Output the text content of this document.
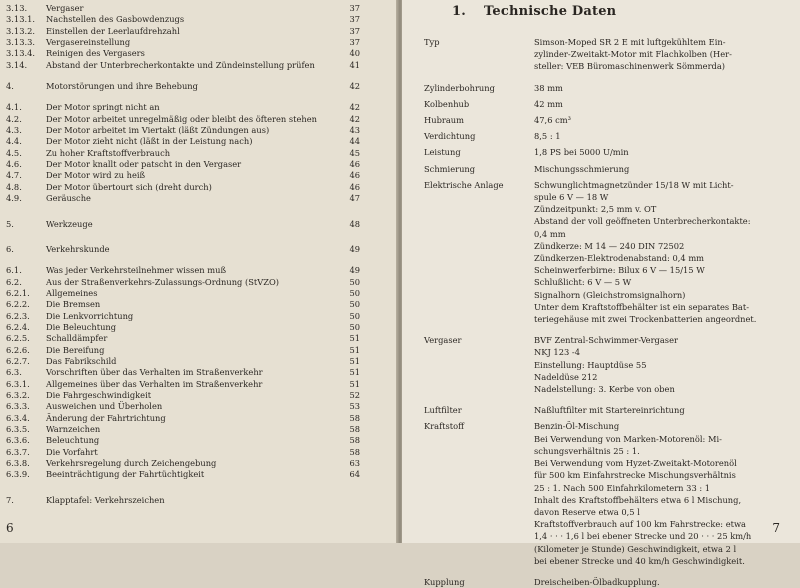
3.13.	Vergaser	37
3.13.1.	Nachstellen des Gasbowdenzugs	37
3.13.2.	Einstellen der Leerlaufdrehzahl	37
3.13.3.	Vergasereinstellung	37
3.13.4.	Reinigen des Vergasers	40
3.14.	Abstand der Unterbrecherkontakte und Zündeinstellung prüfen	41
4.	Motorstörungen und ihre Behebung	42
4.1.	Der Motor springt nicht an	42
4.2.	Der Motor arbeitet unregelmäßig oder bleibt des öfteren stehen	42
4.3.	Der Motor arbeitet im Viertakt (läßt Zündungen aus)	43
4.4.	Der Motor zieht nicht (läßt in der Leistung nach)	44
4.5.	Zu hoher Kraftstoffverbrauch	45
4.6.	Der Motor knallt oder patscht in den Vergaser	46
4.7.	Der Motor wird zu heiß	46
4.8.	Der Motor übertourt sich (dreht durch)	46
4.9.	Geräusche	47
5.	Werkzeuge	48
6.	Verkehrskunde	49
6.1.	Was jeder Verkehrsteilnehmer wissen muß	49
6.2.	Aus der Straßenverkehrs-Zulassungs-Ordnung (StVZO)	50
6.2.1.	Allgemeines	50
6.2.2.	Die Bremsen	50
6.2.3.	Die Lenkvorrichtung	50
6.2.4.	Die Beleuchtung	50
6.2.5.	Schalldämpfer	51
6.2.6.	Die Bereifung	51
6.2.7.	Das Fabrikschild	51
6.3.	Vorschriften über das Verhalten im Straßenverkehr	51
6.3.1.	Allgemeines über das Verhalten im Straßenverkehr	51
6.3.2.	Die Fahrgeschwindigkeit	52
6.3.3.	Ausweichen und Überholen	53
6.3.4.	Änderung der Fahrtrichtung	58
6.3.5.	Warnzeichen	58
6.3.6.	Beleuchtung	58
6.3.7.	Die Vorfahrt	58
6.3.8.	Verkehrsregelung durch Zeichengebung	63
6.3.9.	Beeinträchtigung der Fahrtüchtigkeit	64
7.	Klapptafel: Verkehrszeichen
6
1. Technische Daten
Typ	Simson-Moped SR 2 E mit luftgekühltem Ein-
zylinder-Zweitakt-Motor mit Flachkolben (Her-
steller: VEB Büromaschinenwerk Sömmerda)
Zylinderbohrung	38 mm
Kolbenhub	42 mm
Hubraum	47,6 cm³
Verdichtung	8,5 : 1
Leistung	1,8 PS bei 5000 U/min
Schmierung	Mischungsschmierung
Elektrische Anlage	Schwunglichtmagnetzünder 15/18 W mit Licht-
spule 6 V — 18 W
Zündzeitpunkt: 2,5 mm v. OT
Abstand der voll geöffneten Unterbrecherkontakte:
0,4 mm
Zündkerze: M 14 — 240 DIN 72502
Zündkerzen-Elektrodenabstand: 0,4 mm
Scheinwerferbirne: Bilux 6 V — 15/15 W
Schlußlicht: 6 V — 5 W
Signalhorn (Gleichstromsignalhorn)
Unter dem Kraftstoffbehälter ist ein separates Bat-
teriegehäuse mit zwei Trockenbatterien angeordnet.
Vergaser	BVF Zentral-Schwimmer-Vergaser
NKJ 123 -4
Einstellung: Hauptdüse 55
Nadeldüse 212
Nadelstellung: 3. Kerbe von oben
Luftfilter	Naßluftfilter mit Startereinrichtung
Kraftstoff	Benzin-Öl-Mischung
Bei Verwendung von Marken-Motorenöl: Mi-
schungsverhältnis 25 : 1.
Bei Verwendung vom Hyzet-Zweitakt-Motorenöl
für 500 km Einfahrstrecke Mischungsverhältnis
25 : 1. Nach 500 Einfahrkilometern 33 : 1
Inhalt des Kraftstoffbehälters etwa 6 l Mischung,
davon Reserve etwa 0,5 l
Kraftstoffverbrauch auf 100 km Fahrstrecke: etwa
1,4 · · · 1,6 l bei ebener Strecke und 20 · · · 25 km/h
(Kilometer je Stunde) Geschwindigkeit, etwa 2 l
bei ebener Strecke und 40 km/h Geschwindigkeit.
Kupplung	Dreischeiben-Ölbadkupplung.
7
